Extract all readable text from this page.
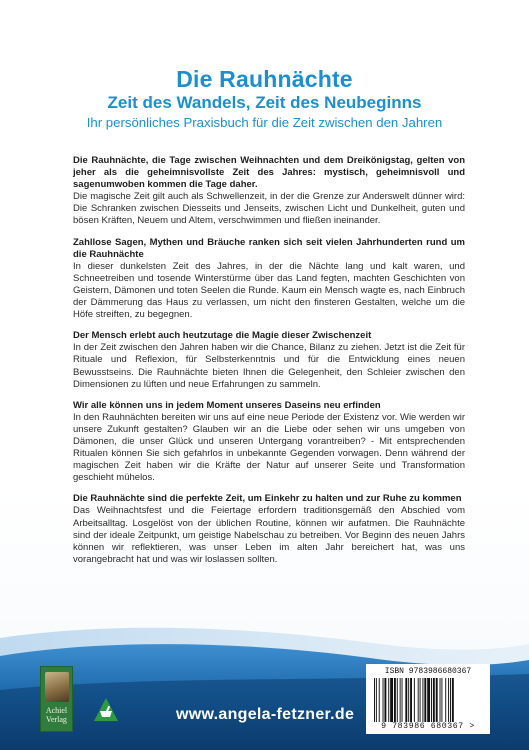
Die Rauhnächte
Zeit des Wandels, Zeit des Neubeginns
Ihr persönliches Praxisbuch für die Zeit zwischen den Jahren

Die Rauhnächte, die Tage zwischen Weihnachten und dem Dreikönigstag, gelten von jeher als die geheimnisvollste Zeit des Jahres: mystisch, geheimnisvoll und sagenumwoben kommen die Tage daher.
Die magische Zeit gilt auch als Schwellenzeit, in der die Grenze zur Anderswelt dünner wird: Die Schranken zwischen Diesseits und Jenseits, zwischen Licht und Dunkelheit, guten und bösen Kräften, Neuem und Altem, verschwimmen und fließen ineinander.

Zahllose Sagen, Mythen und Bräuche ranken sich seit vielen Jahrhunderten rund um die Rauhnächte
In dieser dunkelsten Zeit des Jahres, in der die Nächte lang und kalt waren, und Schneetreiben und tosende Winterstürme über das Land fegten, machten Geschichten von Geistern, Dämonen und toten Seelen die Runde. Kaum ein Mensch wagte es, nach Einbruch der Dämmerung das Haus zu verlassen, um nicht den finsteren Gestalten, welche um die Höfe streiften, zu begegnen.

Der Mensch erlebt auch heutzutage die Magie dieser Zwischenzeit
In der Zeit zwischen den Jahren haben wir die Chance, Bilanz zu ziehen. Jetzt ist die Zeit für Rituale und Reflexion, für Selbsterkenntnis und für die Entwicklung eines neuen Bewusstseins. Die Rauhnächte bieten Ihnen die Gelegenheit, den Schleier zwischen den Dimensionen zu lüften und neue Erfahrungen zu sammeln.

Wir alle können uns in jedem Moment unseres Daseins neu erfinden
In den Rauhnächten bereiten wir uns auf eine neue Periode der Existenz vor. Wie werden wir unsere Zukunft gestalten? Glauben wir an die Liebe oder sehen wir uns umgeben von Dämonen, die unser Glück und unseren Untergang vorantreiben? - Mit entsprechenden Ritualen können Sie sich gefahrlos in unbekannte Gegenden vorwagen. Denn während der magischen Zeit haben wir die Kräfte der Natur auf unserer Seite und Transformation geschieht mühelos.

Die Rauhnächte sind die perfekte Zeit, um Einkehr zu halten und zur Ruhe zu kommen
Das Weihnachtsfest und die Feiertage erfordern traditionsgemäß den Abschied vom Arbeitsalltag. Losgelöst von der üblichen Routine, können wir aufatmen. Die Rauhnächte sind der ideale Zeitpunkt, um geistige Nabelschau zu betreiben. Vor Beginn des neuen Jahrs können wir reflektieren, was unser Leben im alten Jahr bereichert hat, was uns vorangebracht hat und was wir loslassen sollten.

Achiel
Verlag	www.angela-fetzner.de
ISBN 9783986680367
9 783986 680367 >
